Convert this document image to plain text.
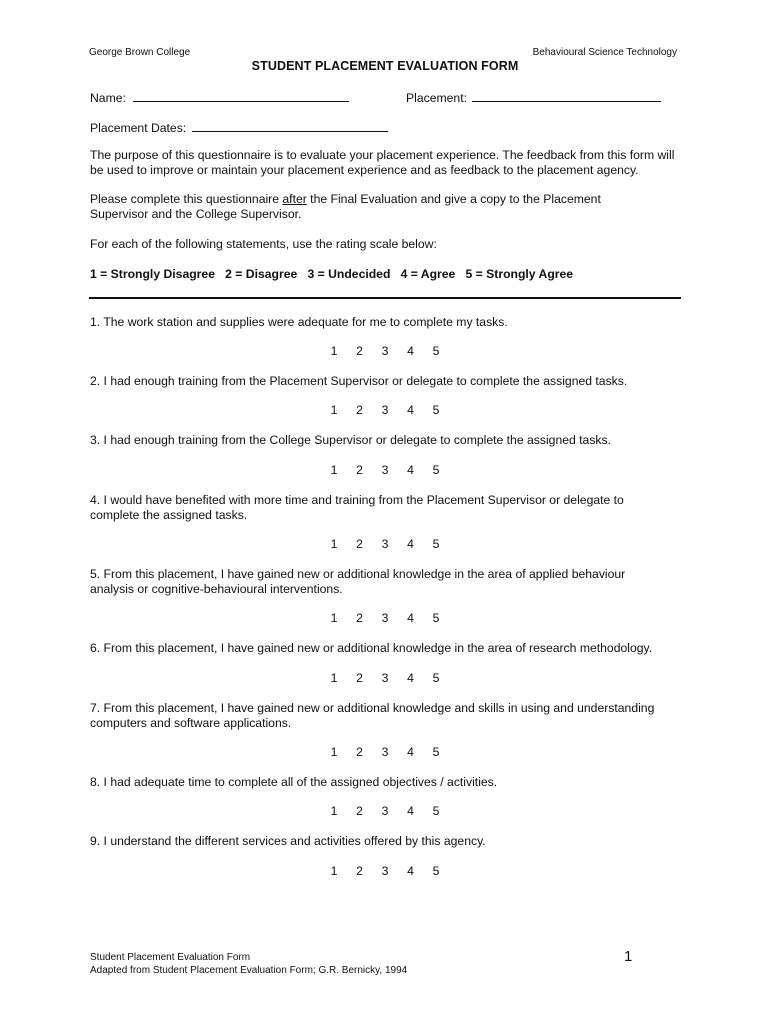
George Brown College	Behavioural Science Technology
STUDENT PLACEMENT EVALUATION FORM
Name:	Placement:
Placement Dates:
The purpose of this questionnaire is to evaluate your placement experience. The feedback from this form will be used to improve or maintain your placement experience and as feedback to the placement agency.
Please complete this questionnaire after the Final Evaluation and give a copy to the Placement Supervisor and the College Supervisor.
For each of the following statements, use the rating scale below:
1 = Strongly Disagree   2 = Disagree   3 = Undecided   4 = Agree   5 = Strongly Agree
1. The work station and supplies were adequate for me to complete my tasks.
1 2 3 4 5
2. I had enough training from the Placement Supervisor or delegate to complete the assigned tasks.
1 2 3 4 5
3. I had enough training from the College Supervisor or delegate to complete the assigned tasks.
1 2 3 4 5
4. I would have benefited with more time and training from the Placement Supervisor or delegate to complete the assigned tasks.
1 2 3 4 5
5. From this placement, I have gained new or additional knowledge in the area of applied behaviour analysis or cognitive-behavioural interventions.
1 2 3 4 5
6. From this placement, I have gained new or additional knowledge in the area of research methodology.
1 2 3 4 5
7. From this placement, I have gained new or additional knowledge and skills in using and understanding computers and software applications.
1 2 3 4 5
8. I had adequate time to complete all of the assigned objectives / activities.
1 2 3 4 5
9. I understand the different services and activities offered by this agency.
1 2 3 4 5
Student Placement Evaluation Form
Adapted from Student Placement Evaluation Form; G.R. Bernicky, 1994
1
